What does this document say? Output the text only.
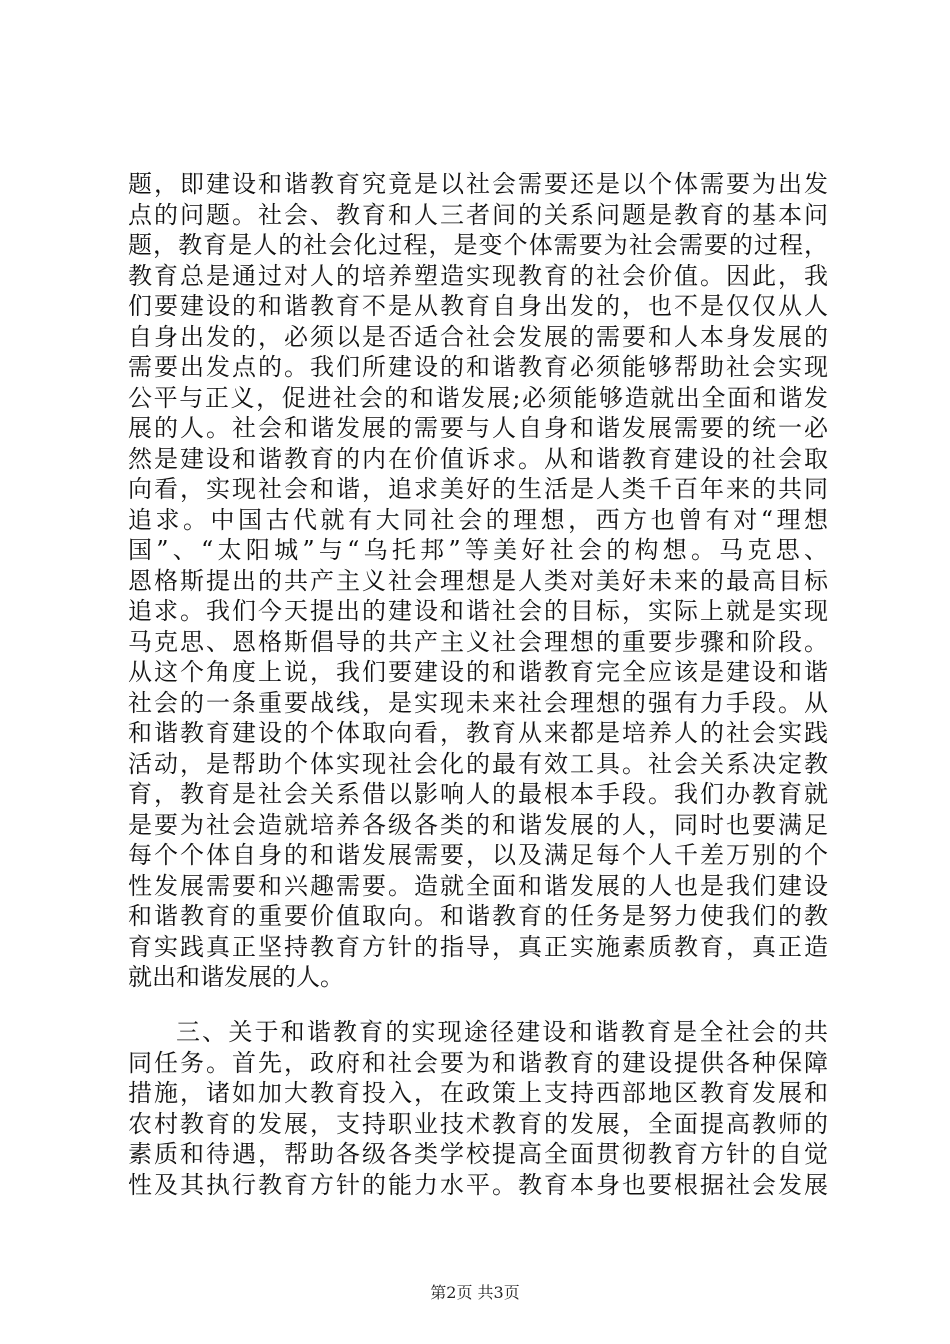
题，即建设和谐教育究竟是以社会需要还是以个体需要为出发
点的问题。社会、教育和人三者间的关系问题是教育的基本问
题，教育是人的社会化过程，是变个体需要为社会需要的过程，
教育总是通过对人的培养塑造实现教育的社会价值。因此，我
们要建设的和谐教育不是从教育自身出发的，也不是仅仅从人
自身出发的，必须以是否适合社会发展的需要和人本身发展的
需要出发点的。我们所建设的和谐教育必须能够帮助社会实现
公平与正义，促进社会的和谐发展;必须能够造就出全面和谐发
展的人。社会和谐发展的需要与人自身和谐发展需要的统一必
然是建设和谐教育的内在价值诉求。从和谐教育建设的社会取
向看，实现社会和谐，追求美好的生活是人类千百年来的共同
追求。中国古代就有大同社会的理想，西方也曾有对“理想
国”、“太阳城”与“乌托邦”等美好社会的构想。马克思、
恩格斯提出的共产主义社会理想是人类对美好未来的最高目标
追求。我们今天提出的建设和谐社会的目标，实际上就是实现
马克思、恩格斯倡导的共产主义社会理想的重要步骤和阶段。
从这个角度上说，我们要建设的和谐教育完全应该是建设和谐
社会的一条重要战线，是实现未来社会理想的强有力手段。从
和谐教育建设的个体取向看，教育从来都是培养人的社会实践
活动，是帮助个体实现社会化的最有效工具。社会关系决定教
育，教育是社会关系借以影响人的最根本手段。我们办教育就
是要为社会造就培养各级各类的和谐发展的人，同时也要满足
每个个体自身的和谐发展需要，以及满足每个人千差万别的个
性发展需要和兴趣需要。造就全面和谐发展的人也是我们建设
和谐教育的重要价值取向。和谐教育的任务是努力使我们的教
育实践真正坚持教育方针的指导，真正实施素质教育，真正造
就出和谐发展的人。
三、关于和谐教育的实现途径建设和谐教育是全社会的共
同任务。首先，政府和社会要为和谐教育的建设提供各种保障
措施，诸如加大教育投入，在政策上支持西部地区教育发展和
农村教育的发展，支持职业技术教育的发展，全面提高教师的
素质和待遇，帮助各级各类学校提高全面贯彻教育方针的自觉
性及其执行教育方针的能力水平。教育本身也要根据社会发展
第2页 共3页
